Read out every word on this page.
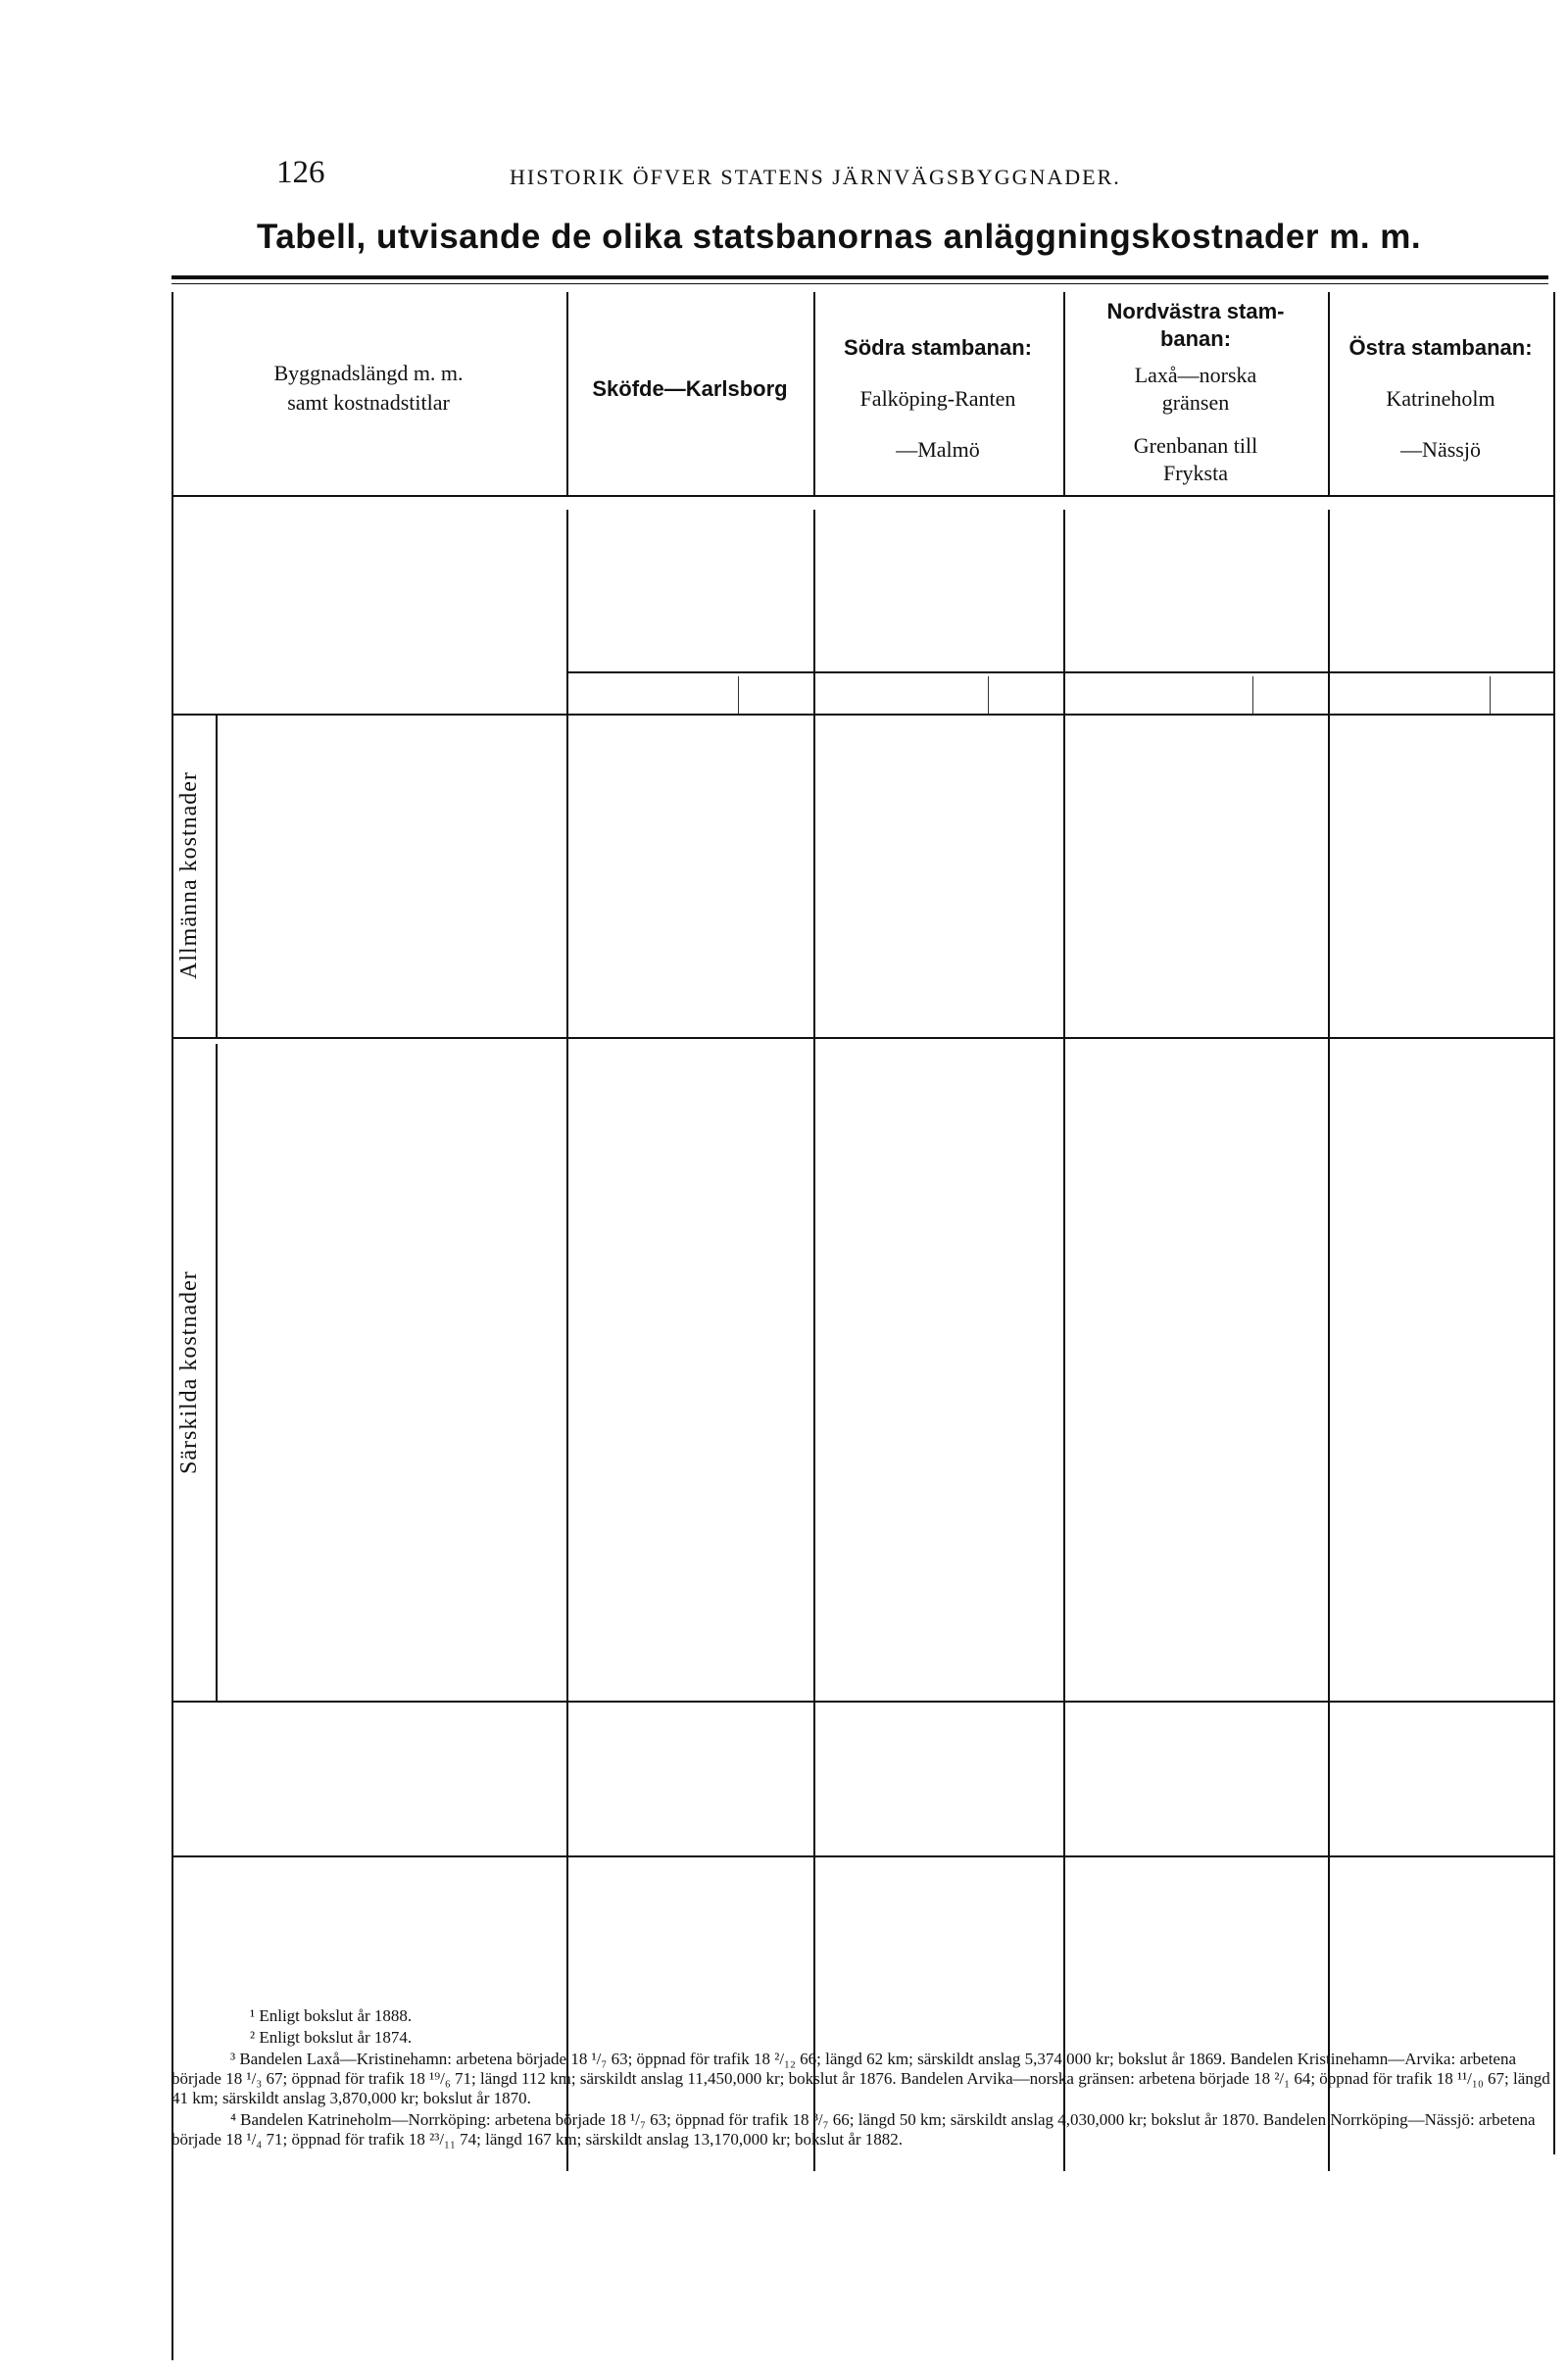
126	HISTORIK ÖFVER STATENS JÄRNVÄGSBYGGNADER.
Tabell, utvisande de olika statsbanornas anläggningskostnader m. m.
Byggnadslängd m. m.
samt kostnadstitlar
Sköfde—Karlsborg
Södra stambanan:
Falköping-Ranten
—Malmö
Nordvästra stam-
banan:
Laxå—norska
gränsen
Grenbanan till
Fryksta
Östra stambanan:
Katrineholm
—Nässjö
Allmänna kostnader
Särskilda kostnader
¹ Enligt bokslut år 1888.
² Enligt bokslut år 1874.
³ Bandelen Laxå—Kristinehamn: arbetena började 18 ¹/₇ 63; öppnad för trafik 18 ²/₁₂ 66; längd 62 km; särskildt anslag 5,374,000 kr; bokslut år 1869. Bandelen Kristinehamn—Arvika: arbetena började 18 ¹/₃ 67; öppnad för trafik 18 ¹⁹/₆ 71; längd 112 km; särskildt anslag 11,450,000 kr; bokslut år 1876. Bandelen Arvika—norska gränsen: arbetena började 18 ²/₁ 64; öppnad för trafik 18 ¹¹/₁₀ 67; längd 41 km; särskildt anslag 3,870,000 kr; bokslut år 1870.
⁴ Bandelen Katrineholm—Norrköping: arbetena började 18 ¹/₇ 63; öppnad för trafik 18 ³/₇ 66; längd 50 km; särskildt anslag 4,030,000 kr; bokslut år 1870. Bandelen Norrköping—Nässjö: arbetena började 18 ¹/₄ 71; öppnad för trafik 18 ²³/₁₁ 74; längd 167 km; särskildt anslag 13,170,000 kr; bokslut år 1882.
